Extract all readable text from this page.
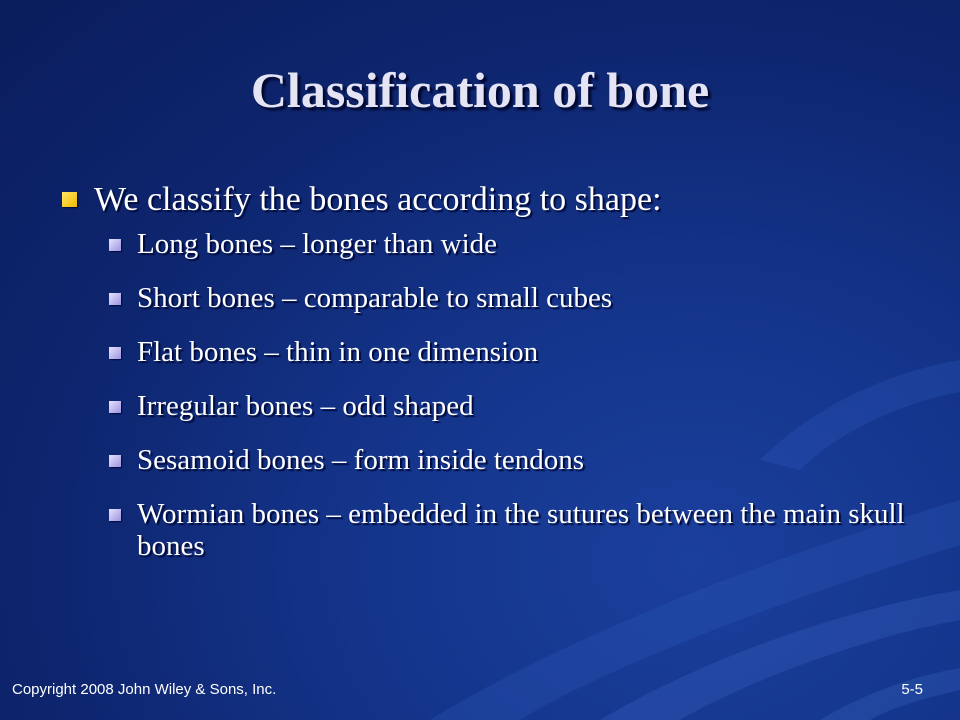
Classification of bone
We classify the bones according to shape:
Long bones – longer than wide
Short bones – comparable to small cubes
Flat bones – thin in one dimension
Irregular bones – odd shaped
Sesamoid bones – form inside tendons
Wormian bones – embedded in the sutures between the main skull bones
Copyright 2008 John Wiley & Sons, Inc.	5-5
